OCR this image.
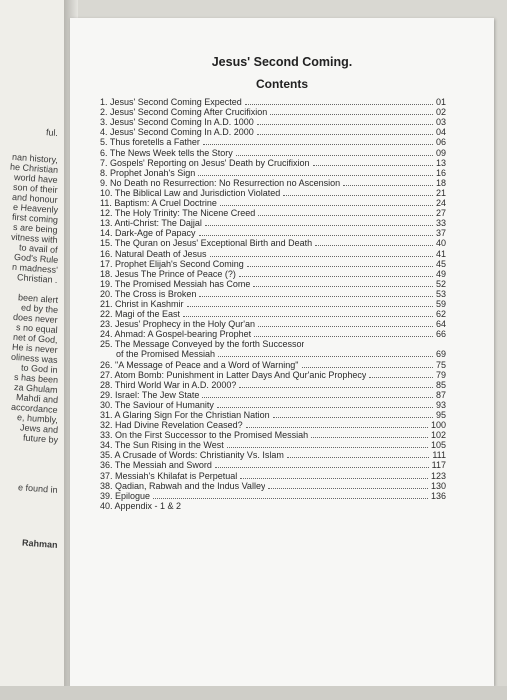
ful.
nan history,
he Christian
world have
son of their
and honour
e Heavenly
first coming
s are being
vitness with
to avail of
God's Rule
n madness'
Christian .
been alert
ed by the
does never
s no equal
net of God,
He is never
oliness was
to God in
s has been
za Ghulam
Mahdi and
accordance
e, humbly,
Jews and
future by
e found in
Rahman
Jesus' Second Coming.
Contents
1. Jesus' Second Coming Expected	01
2. Jesus' Second Coming After Crucifixion	02
3. Jesus' Second Coming In A.D. 1000	03
4. Jesus' Second Coming In A.D. 2000	04
5. Thus foretells a Father	06
6. The News Week tells the Story	09
7. Gospels' Reporting on Jesus' Death by Crucifixion	13
8. Prophet Jonah's Sign	16
9. No Death no Resurrection: No Resurrection no Ascension	18
10. The Biblical Law and Jurisdiction Violated	21
11. Baptism: A Cruel Doctrine	24
12. The Holy Trinity: The Nicene Creed	27
13. Anti-Christ: The Dajjal	33
14. Dark-Age of Papacy	37
15. The Quran on Jesus' Exceptional Birth and Death	40
16. Natural Death of Jesus	41
17. Prophet Elijah's Second Coming	45
18. Jesus The Prince of Peace (?)	49
19. The Promised Messiah has Come	52
20. The Cross is Broken	53
21. Christ in Kashmir	59
22. Magi of the East	62
23. Jesus' Prophecy in the Holy Qur'an	64
24. Ahmad: A Gospel-bearing Prophet	66
25. The Message Conveyed by the forth Successor
of the Promised Messiah	69
26. "A Message of Peace and a Word of Warning"	75
27. Atom Bomb: Punishment in Latter Days And Qur'anic Prophecy	79
28. Third World War in A.D. 2000?	85
29. Israel: The Jew State	87
30. The Saviour of Humanity	93
31. A Glaring Sign For the Christian Nation	95
32. Had Divine Revelation Ceased?	100
33. On the First Successor to the Promised Messiah	102
34. The Sun Rising in the West	105
35. A Crusade of Words: Christianity Vs. Islam	111
36. The Messiah and Sword	117
37. Messiah's Khilafat is Perpetual	123
38. Qadian, Rabwah and the Indus Valley	130
39. Epilogue	136
40. Appendix - 1 & 2
